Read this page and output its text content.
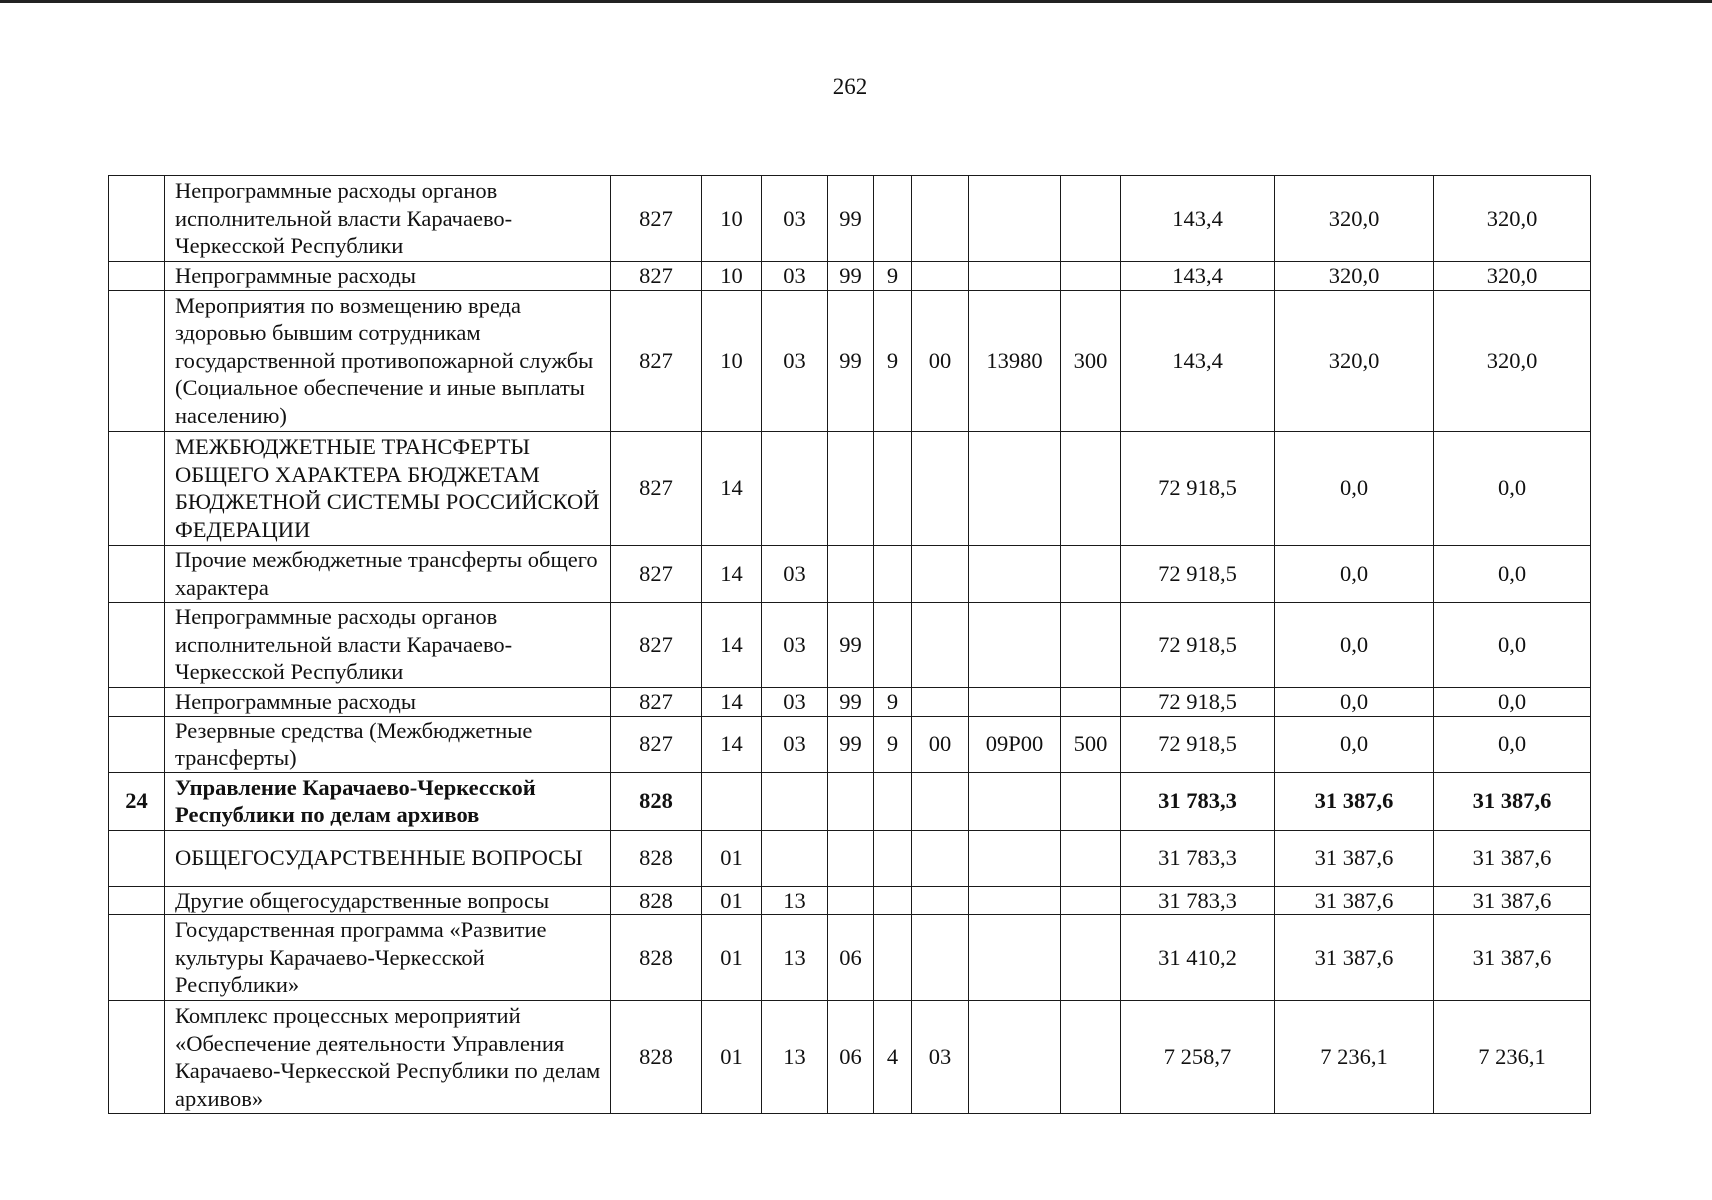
262
	Непрограммные расходы органов исполнительной власти Карачаево-Черкесской Республики	827	10	03	99					143,4	320,0	320,0
	Непрограммные расходы	827	10	03	99	9				143,4	320,0	320,0
	Мероприятия по возмещению вреда здоровью бывшим сотрудникам государственной противопожарной службы (Социальное обеспечение и иные выплаты населению)	827	10	03	99	9	00	13980	300	143,4	320,0	320,0
	МЕЖБЮДЖЕТНЫЕ ТРАНСФЕРТЫ ОБЩЕГО ХАРАКТЕРА БЮДЖЕТАМ БЮДЖЕТНОЙ СИСТЕМЫ РОССИЙСКОЙ ФЕДЕРАЦИИ	827	14							72 918,5	0,0	0,0
	Прочие межбюджетные трансферты общего характера	827	14	03						72 918,5	0,0	0,0
	Непрограммные расходы органов исполнительной власти Карачаево-Черкесской Республики	827	14	03	99					72 918,5	0,0	0,0
	Непрограммные расходы	827	14	03	99	9				72 918,5	0,0	0,0
	Резервные средства (Межбюджетные трансферты)	827	14	03	99	9	00	09Р00	500	72 918,5	0,0	0,0
24	Управление Карачаево-Черкесской Республики по делам архивов	828								31 783,3	31 387,6	31 387,6
	ОБЩЕГОСУДАРСТВЕННЫЕ ВОПРОСЫ	828	01							31 783,3	31 387,6	31 387,6
	Другие общегосударственные вопросы	828	01	13						31 783,3	31 387,6	31 387,6
	Государственная программа «Развитие культуры Карачаево-Черкесской Республики»	828	01	13	06					31 410,2	31 387,6	31 387,6
	Комплекс процессных мероприятий «Обеспечение деятельности Управления Карачаево-Черкесской Республики по делам архивов»	828	01	13	06	4	03			7 258,7	7 236,1	7 236,1
